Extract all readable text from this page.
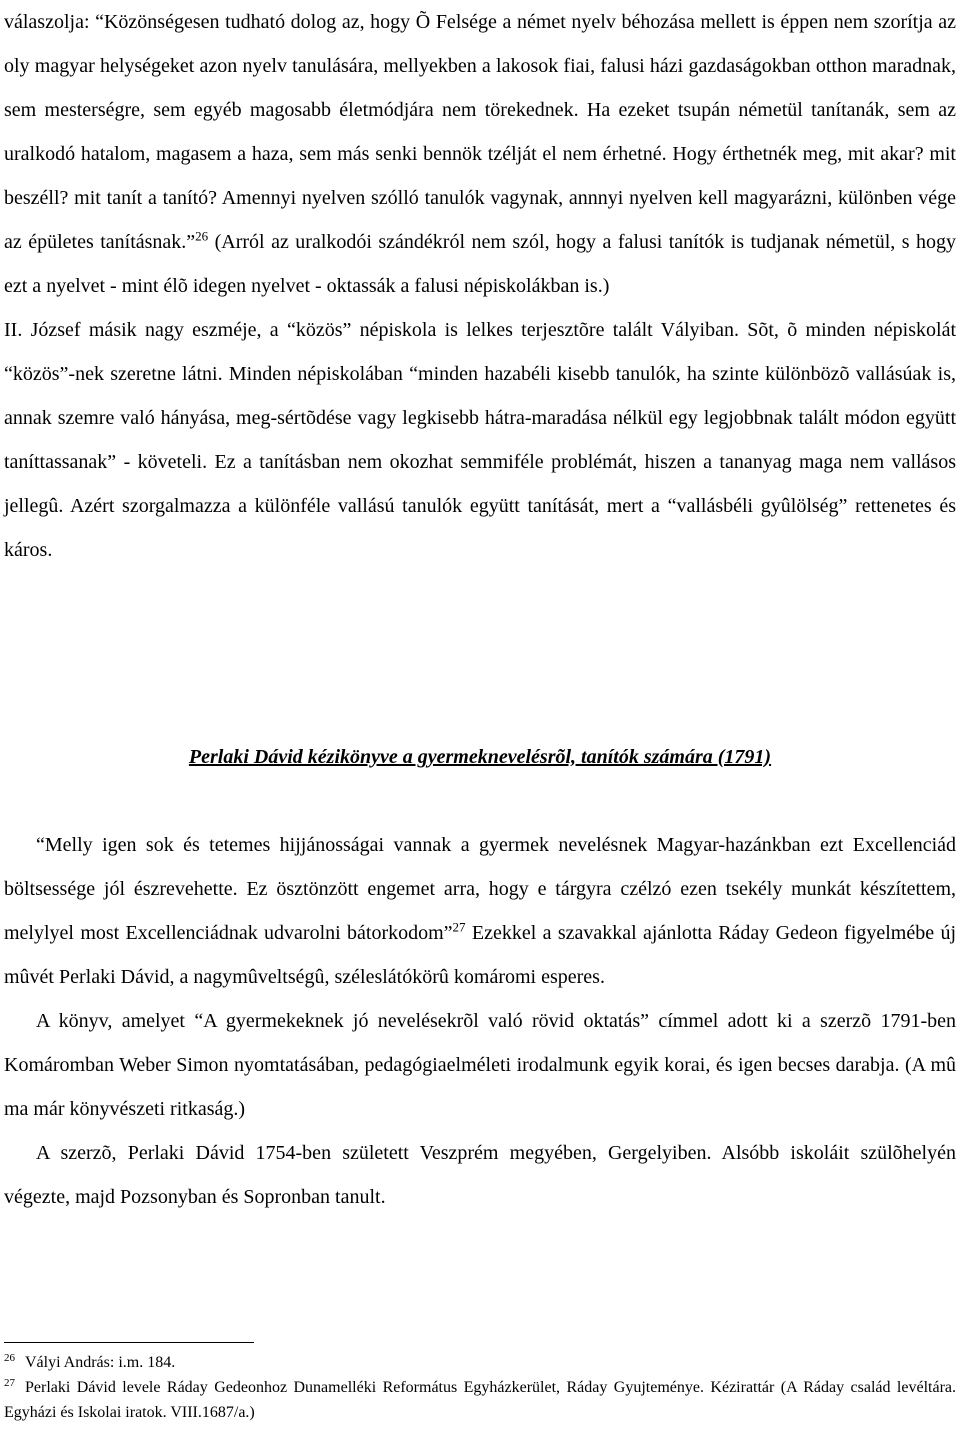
válaszolja: “Közönségesen tudható dolog az, hogy Õ Felsége a német nyelv béhozása mellett is éppen nem szorítja az oly magyar helységeket azon nyelv tanulására, mellyekben a lakosok fiai, falusi házi gazdaságokban otthon maradnak, sem mesterségre, sem egyéb magosabb életmódjára nem törekednek. Ha ezeket tsupán németül tanítanák, sem az uralkodó hatalom, magasem a haza, sem más senki bennök tzélját el nem érhetné. Hogy érthetnék meg, mit akar? mit beszéll? mit tanít a tanító? Amennyi nyelven szólló tanulók vagynak, annnyi nyelven kell magyarázni, különben vége az épületes tanításnak.”$^{26}$ (Arról az uralkodói szándékról nem szól, hogy a falusi tanítók is tudjanak németül, s hogy ezt a nyelvet - mint élõ idegen nyelvet - oktassák a falusi népiskolákban is.)

II. József másik nagy eszméje, a “közös” népiskola is lelkes terjesztõre talált Vályiban. Sõt, õ minden népiskolát “közös”-nek szeretne látni. Minden népiskolában “minden hazabéli kisebb tanulók, ha szinte különbözõ vallásúak is, annak szemre való hányása, meg-sértõdése vagy legkisebb hátra-maradása nélkül egy legjobbnak talált módon együtt taníttassanak” - követeli. Ez a tanításban nem okozhat semmiféle problémát, hiszen a tananyag maga nem vallásos jellegû. Azért szorgalmazza a különféle vallású tanulók együtt tanítását, mert a “vallásbéli gyûlölség” rettenetes és káros.

Perlaki Dávid kézikönyve a gyermeknevelésrõl, tanítók számára (1791)

“Melly igen sok és tetemes hijjánosságai vannak a gyermek nevelésnek Magyar-hazánkban ezt Excellenciád böltsessége jól észrevehette. Ez ösztönzött engemet arra, hogy e tárgyra czélzó ezen tsekély munkát készítettem, melylyel most Excellenciádnak udvarolni bátorkodom”$^{27}$ Ezekkel a szavakkal ajánlotta Ráday Gedeon figyelmébe új mûvét Perlaki Dávid, a nagymûveltségû, széleslátókörû komáromi esperes.

A könyv, amelyet “A gyermekeknek jó nevelésekrõl való rövid oktatás” címmel adott ki a szerzõ 1791-ben Komáromban Weber Simon nyomtatásában, pedagógiaelméleti irodalmunk egyik korai, és igen becses darabja. (A mû ma már könyvészeti ritkaság.)

A szerzõ, Perlaki Dávid 1754-ben született Veszprém megyében, Gergelyiben. Alsóbb iskoláit szülõhelyén végezte, majd Pozsonyban és Sopronban tanult.

$^{26}$ Vályi András: i.m. 184.

$^{27}$ Perlaki Dávid levele Ráday Gedeonhoz Dunamelléki Református Egyházkerület, Ráday Gyujteménye. Kézirattár (A Ráday család levéltára. Egyházi és Iskolai iratok. VIII.1687/a.)
